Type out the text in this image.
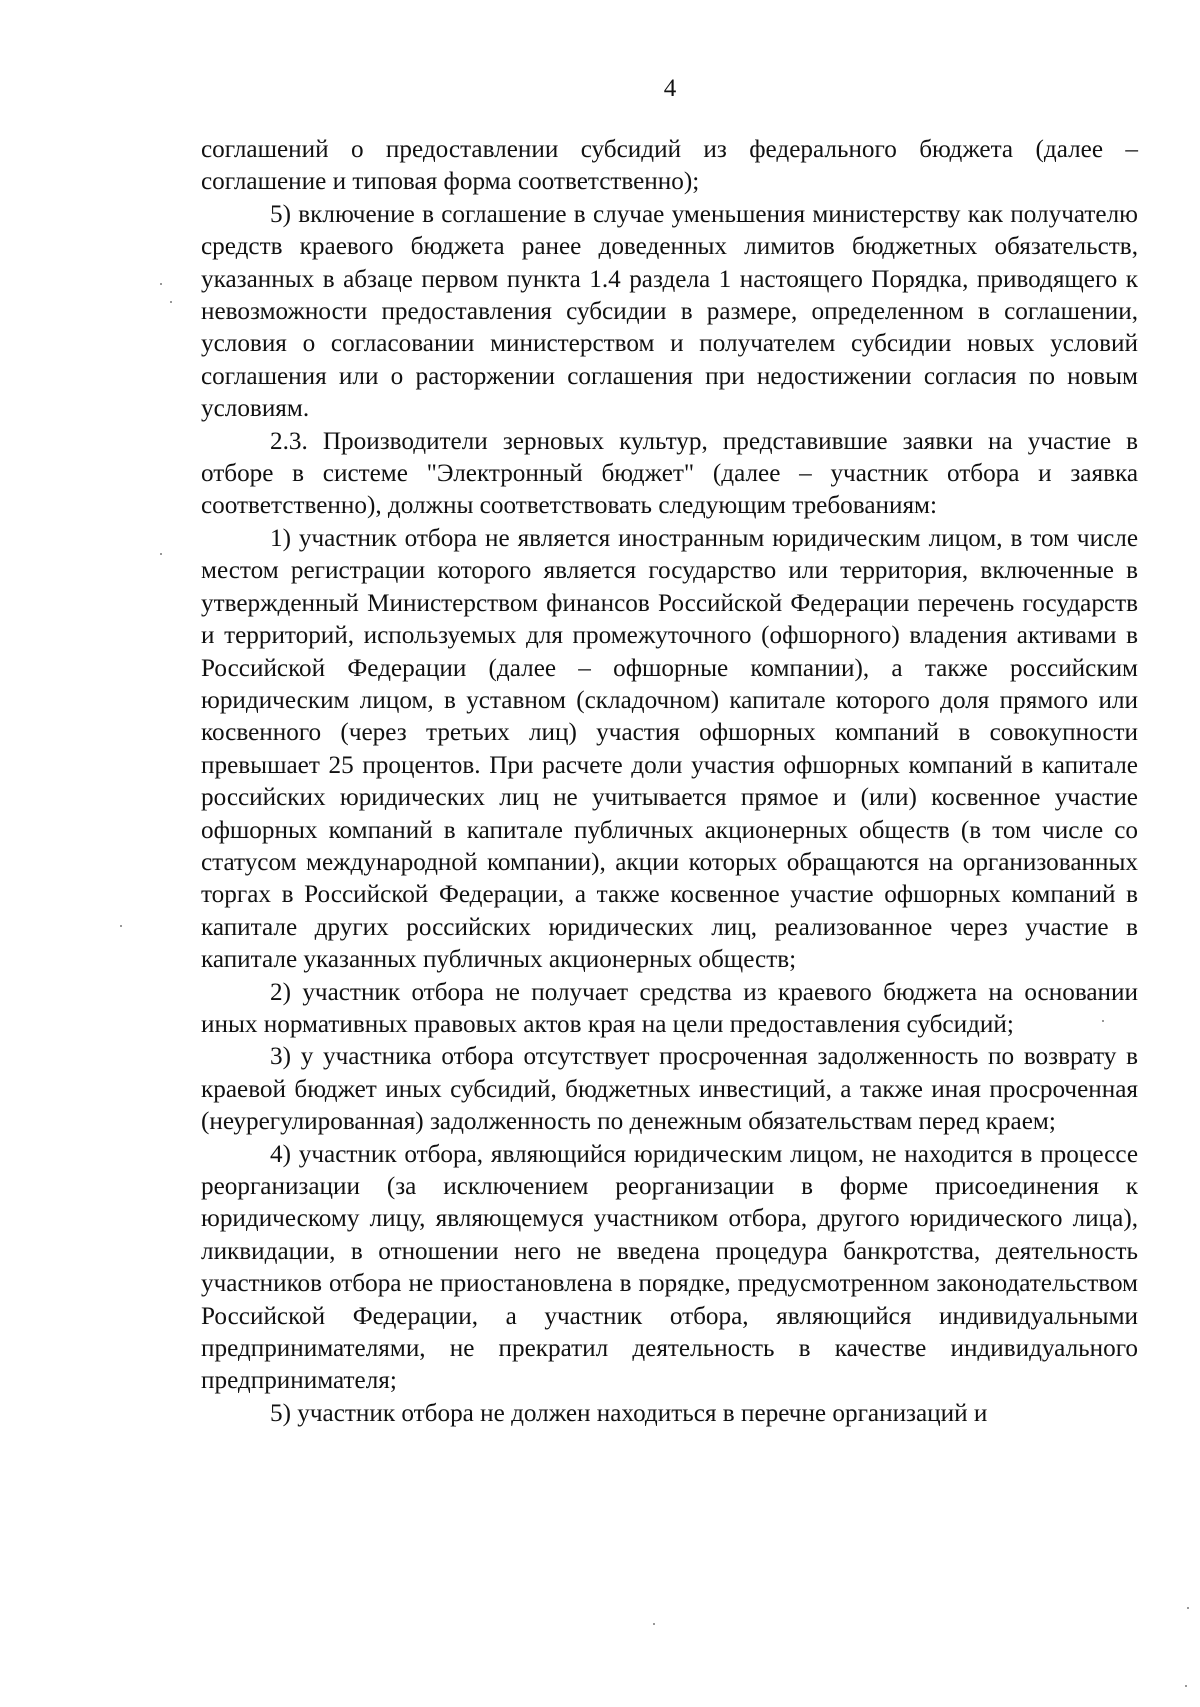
4

соглашений о предоставлении субсидий из федерального бюджета (далее – соглашение и типовая форма соответственно);

5) включение в соглашение в случае уменьшения министерству как получателю средств краевого бюджета ранее доведенных лимитов бюджетных обязательств, указанных в абзаце первом пункта 1.4 раздела 1 настоящего Порядка, приводящего к невозможности предоставления субсидии в размере, определенном в соглашении, условия о согласовании министерством и получателем субсидии новых условий соглашения или о расторжении соглашения при недостижении согласия по новым условиям.

2.3. Производители зерновых культур, представившие заявки на участие в отборе в системе "Электронный бюджет" (далее – участник отбора и заявка соответственно), должны соответствовать следующим требованиям:

1) участник отбора не является иностранным юридическим лицом, в том числе местом регистрации которого является государство или территория, включенные в утвержденный Министерством финансов Российской Федерации перечень государств и территорий, используемых для промежуточного (офшорного) владения активами в Российской Федерации (далее – офшорные компании), а также российским юридическим лицом, в уставном (складочном) капитале которого доля прямого или косвенного (через третьих лиц) участия офшорных компаний в совокупности превышает 25 процентов. При расчете доли участия офшорных компаний в капитале российских юридических лиц не учитывается прямое и (или) косвенное участие офшорных компаний в капитале публичных акционерных обществ (в том числе со статусом международной компании), акции которых обращаются на организованных торгах в Российской Федерации, а также косвенное участие офшорных компаний в капитале других российских юридических лиц, реализованное через участие в капитале указанных публичных акционерных обществ;

2) участник отбора не получает средства из краевого бюджета на основании иных нормативных правовых актов края на цели предоставления субсидий;

3) у участника отбора отсутствует просроченная задолженность по возврату в краевой бюджет иных субсидий, бюджетных инвестиций, а также иная просроченная (неурегулированная) задолженность по денежным обязательствам перед краем;

4) участник отбора, являющийся юридическим лицом, не находится в процессе реорганизации (за исключением реорганизации в форме присоединения к юридическому лицу, являющемуся участником отбора, другого юридического лица), ликвидации, в отношении него не введена процедура банкротства, деятельность участников отбора не приостановлена в порядке, предусмотренном законодательством Российской Федерации, а участник отбора, являющийся индивидуальными предпринимателями, не прекратил деятельность в качестве индивидуального предпринимателя;

5) участник отбора не должен находиться в перечне организаций и
